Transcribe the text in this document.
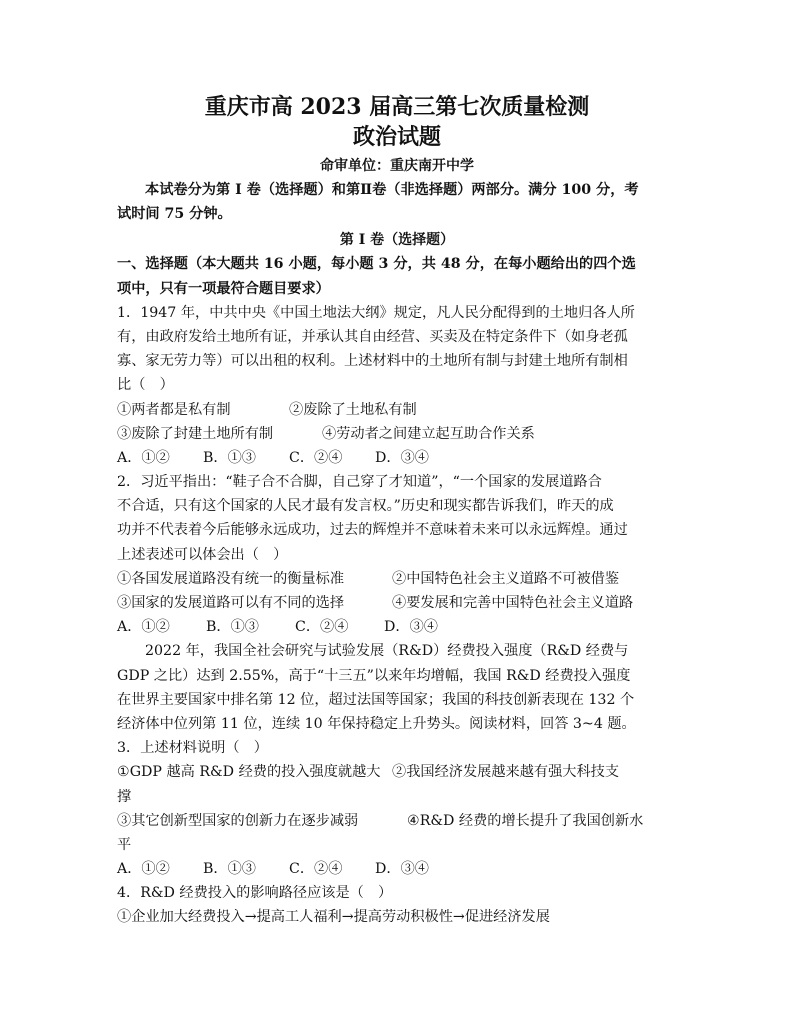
重庆市高 2023 届高三第七次质量检测
政治试题
命审单位：重庆南开中学
本试卷分为第 I 卷（选择题）和第Ⅱ卷（非选择题）两部分。满分 100 分，考
试时间 75 分钟。
第 I 卷（选择题）
一、选择题（本大题共 16 小题，每小题 3 分，共 48 分，在每小题给出的四个选
项中，只有一项最符合题目要求）
1．1947 年，中共中央《中国土地法大纲》规定，凡人民分配得到的土地归各人所
有，由政府发给土地所有证，并承认其自由经营、买卖及在特定条件下（如身老孤
寡、家无劳力等）可以出租的权利。上述材料中的土地所有制与封建土地所有制相
比（　）
①两者都是私有制	②废除了土地私有制
③废除了封建土地所有制	④劳动者之间建立起互助合作关系
A．①② B．①③ C．②④ D．③④
2．习近平指出：“鞋子合不合脚，自己穿了才知道”，“一个国家的发展道路合
不合适，只有这个国家的人民才最有发言权。”历史和现实都告诉我们，昨天的成
功并不代表着今后能够永远成功，过去的辉煌并不意味着未来可以永远辉煌。通过
上述表述可以体会出（　）
①各国发展道路没有统一的衡量标准	②中国特色社会主义道路不可被借鉴
③国家的发展道路可以有不同的选择	④要发展和完善中国特色社会主义道路
A．①②	B．①③	C．②④	D．③④
2022 年，我国全社会研究与试验发展（R&D）经费投入强度（R&D 经费与
GDP 之比）达到 2.55%，高于“十三五”以来年均增幅，我国 R&D 经费投入强度
在世界主要国家中排名第 12 位，超过法国等国家；我国的科技创新表现在 132 个
经济体中位列第 11 位，连续 10 年保持稳定上升势头。阅读材料，回答 3~4 题。
3．上述材料说明（　）
①GDP 越高 R&D 经费的投入强度就越大 ②我国经济发展越来越有强大科技支
撑
③其它创新型国家的创新力在逐步减弱	④R&D 经费的增长提升了我国创新水
平
A．①② B．①③ C．②④ D．③④
4．R&D 经费投入的影响路径应该是（　）
①企业加大经费投入→提高工人福利→提高劳动积极性→促进经济发展
